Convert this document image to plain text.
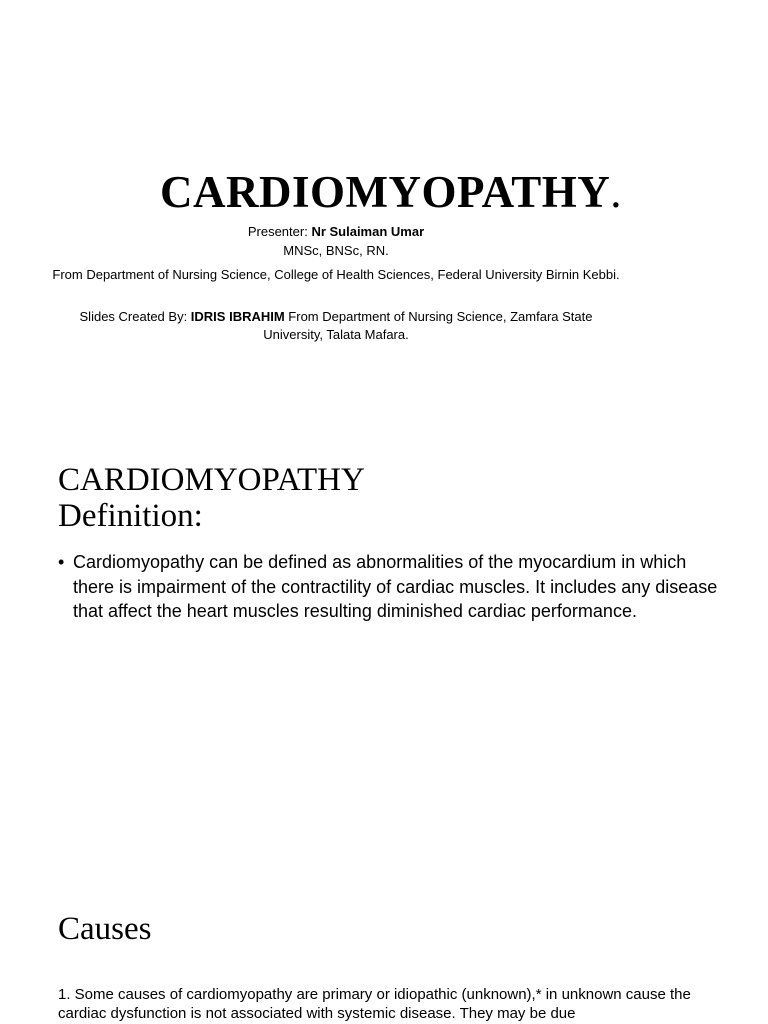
CARDIOMYOPATHY.
Presenter: Nr Sulaiman Umar
MNSc, BNSc, RN.
From Department of Nursing Science, College of Health Sciences, Federal University Birnin Kebbi.
Slides Created By: IDRIS IBRAHIM From Department of Nursing Science, Zamfara State University, Talata Mafara.
CARDIOMYOPATHY
Definition:
• Cardiomyopathy can be defined as abnormalities of the myocardium in which there is impairment of the contractility of cardiac muscles. It includes any disease that affect the heart muscles resulting diminished cardiac performance.
Causes

1. Some causes of cardiomyopathy are primary or idiopathic (unknown),* in unknown cause the cardiac dysfunction is not associated with systemic disease. They may be due
